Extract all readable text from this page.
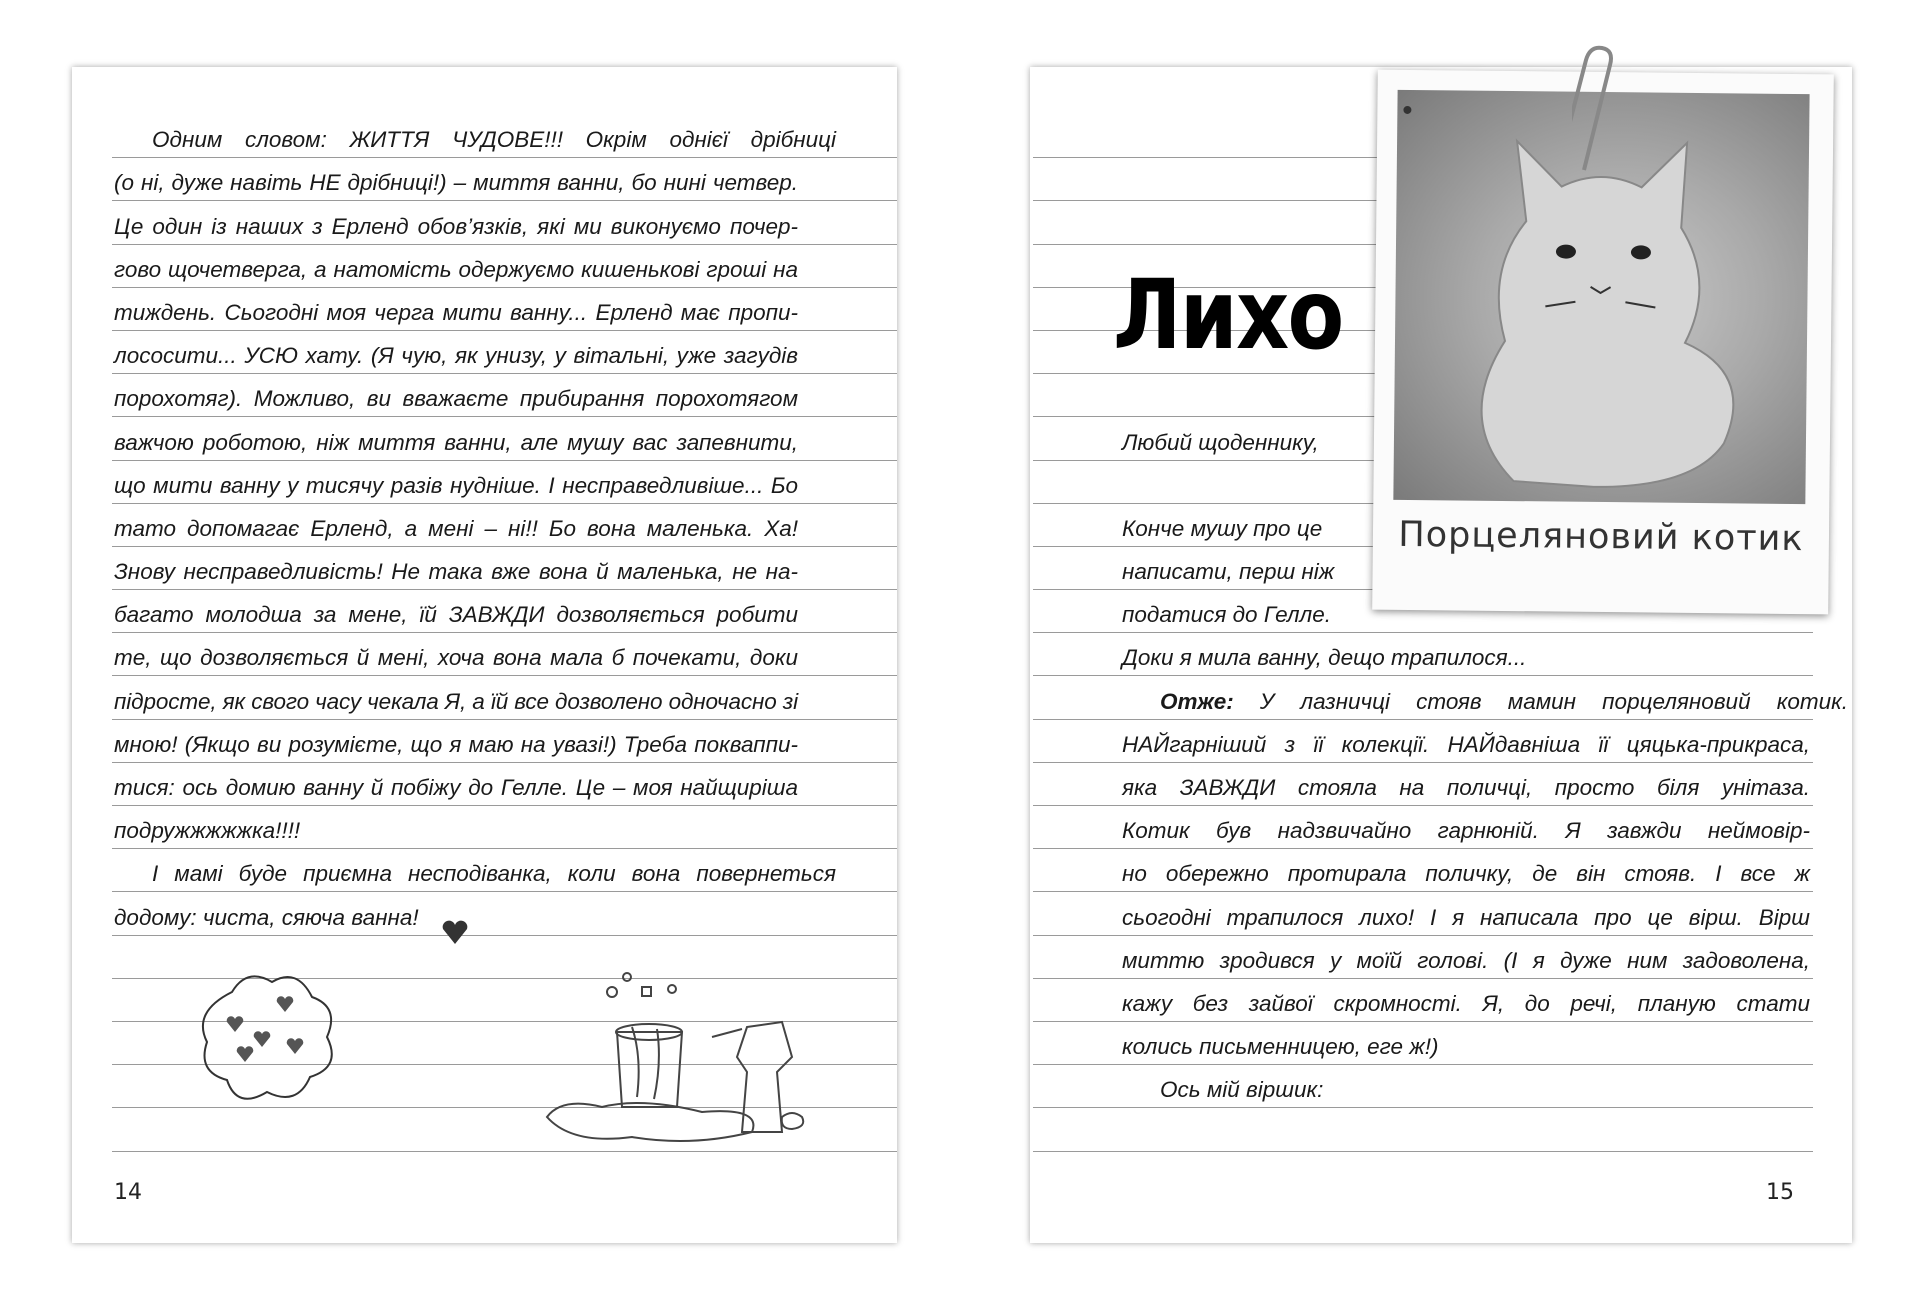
Одним словом: ЖИТТЯ ЧУДОВЕ!!! Окрім однієї дрібниці
(о ні, дуже навіть НЕ дрібниці!) – миття ванни, бо нині четвер.
Це один із наших з Ерленд обов’язків, які ми виконуємо почер-
гово щочетверга, а натомість одержуємо кишенькові гроші на
тиждень. Сьогодні моя черга мити ванну... Ерленд має пропи-
лососити... УСЮ хату. (Я чую, як унизу, у вітальні, уже загудів
порохотяг). Можливо, ви вважаєте прибирання порохотягом
важчою роботою, ніж миття ванни, але мушу вас запевнити,
що мити ванну у тисячу разів нудніше. І несправедливіше... Бо
тато допомагає Ерленд, а мені – ні!! Бо вона маленька. Ха!
Знову несправедливість! Не така вже вона й маленька, не на-
багато молодша за мене, їй ЗАВЖДИ дозволяється робити
те, що дозволяється й мені, хоча вона мала б почекати, доки
підросте, як свого часу чекала Я, а їй все дозволено одночасно зі
мною! (Якщо ви розумієте, що я маю на увазі!) Треба покваппи-
тися: ось домию ванну й побіжу до Гелле. Це – моя найщиріша
подружжжжжка!!!!
І мамі буде приємна несподіванка, коли вона повернеться
додому: чиста, сяюча ванна!
14
Любий щоденнику,
Конче мушу про це
написати, перш ніж
податися до Гелле.
Доки я мила ванну, дещо трапилося...
Отже: У лазничці стояв мамин порцеляновий котик.
НАЙгарніший з її колекції. НАЙдавніша її цяцька-прикраса,
яка ЗАВЖДИ стояла на поличці, просто біля унітаза.
Котик був надзвичайно гарнюній. Я завжди неймовір-
но обережно протирала поличку, де він стояв. І все ж
сьогодні трапилося лихо! І я написала про це вірш. Вірш
миттю зродився у моїй голові. (І я дуже ним задоволена,
кажу без зайвої скромності. Я, до речі, планую стати
колись письменницею, еге ж!)
Ось мій віршик:
Лихо
Порцеляновий котик
15
